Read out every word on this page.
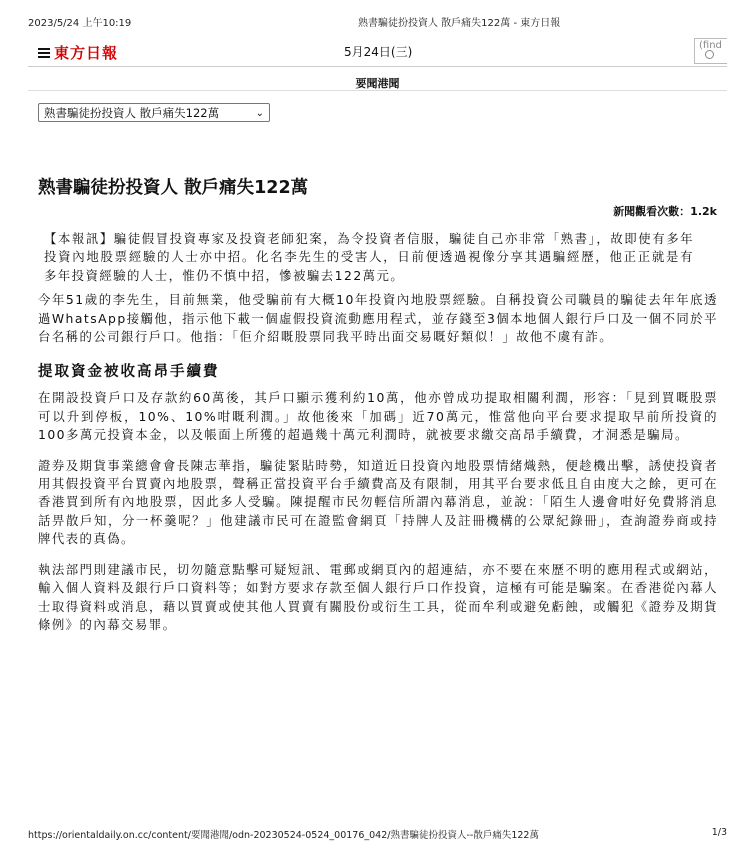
2023/5/24 上午10:19	熟書騙徒扮投資人 散戶痛失122萬 - 東方日報
東方日報	5月24日(三)	(find
要聞港聞
熟書騙徒扮投資人 散戶痛失122萬	⌄
熟書騙徒扮投資人 散戶痛失122萬
新聞觀看次數：1.2k

【本報訊】騙徒假冒投資專家及投資老師犯案，為令投資者信服，騙徒自己亦非常「熟書」，故即使有多年投資內地股票經驗的人士亦中招。化名李先生的受害人，日前便透過視像分享其遇騙經歷，他正正就是有多年投資經驗的人士，惟仍不慎中招，慘被騙去122萬元。

今年51歲的李先生，目前無業，他受騙前有大概10年投資內地股票經驗。自稱投資公司職員的騙徒去年年底透過WhatsApp接觸他，指示他下載一個虛假投資流動應用程式，並存錢至3個本地個人銀行戶口及一個不同於平台名稱的公司銀行戶口。他指：「佢介紹嘅股票同我平時出面交易嘅好類似！」故他不虞有詐。

提取資金被收高昂手續費

在開設投資戶口及存款約60萬後，其戶口顯示獲利約10萬，他亦曾成功提取相關利潤，形容：「見到買嘅股票可以升到停板，10%、10%咁嘅利潤。」故他後來「加碼」近70萬元，惟當他向平台要求提取早前所投資的100多萬元投資本金，以及帳面上所獲的超過幾十萬元利潤時，就被要求繳交高昂手續費，才洞悉是騙局。

證券及期貨事業總會會長陳志華指，騙徒緊貼時勢，知道近日投資內地股票情緒熾熱，便趁機出擊，誘使投資者用其假投資平台買賣內地股票，聲稱正當投資平台手續費高及有限制，用其平台要求低且自由度大之餘，更可在香港買到所有內地股票，因此多人受騙。陳提醒市民勿輕信所謂內幕消息，並說：「陌生人邊會咁好免費將消息話畀散戶知，分一杯羹呢？」他建議市民可在證監會網頁「持牌人及註冊機構的公眾紀錄冊」，查詢證券商或持牌代表的真偽。

執法部門則建議市民，切勿隨意點擊可疑短訊、電郵或網頁內的超連結，亦不要在來歷不明的應用程式或網站，輸入個人資料及銀行戶口資料等；如對方要求存款至個人銀行戶口作投資，這極有可能是騙案。在香港從內幕人士取得資料或消息，藉以買賣或使其他人買賣有關股份或衍生工具，從而牟利或避免虧蝕，或觸犯《證券及期貨條例》的內幕交易罪。

https://orientaldaily.on.cc/content/要聞港聞/odn-20230524-0524_00176_042/熟書騙徒扮投資人--散戶痛失122萬	1/3
